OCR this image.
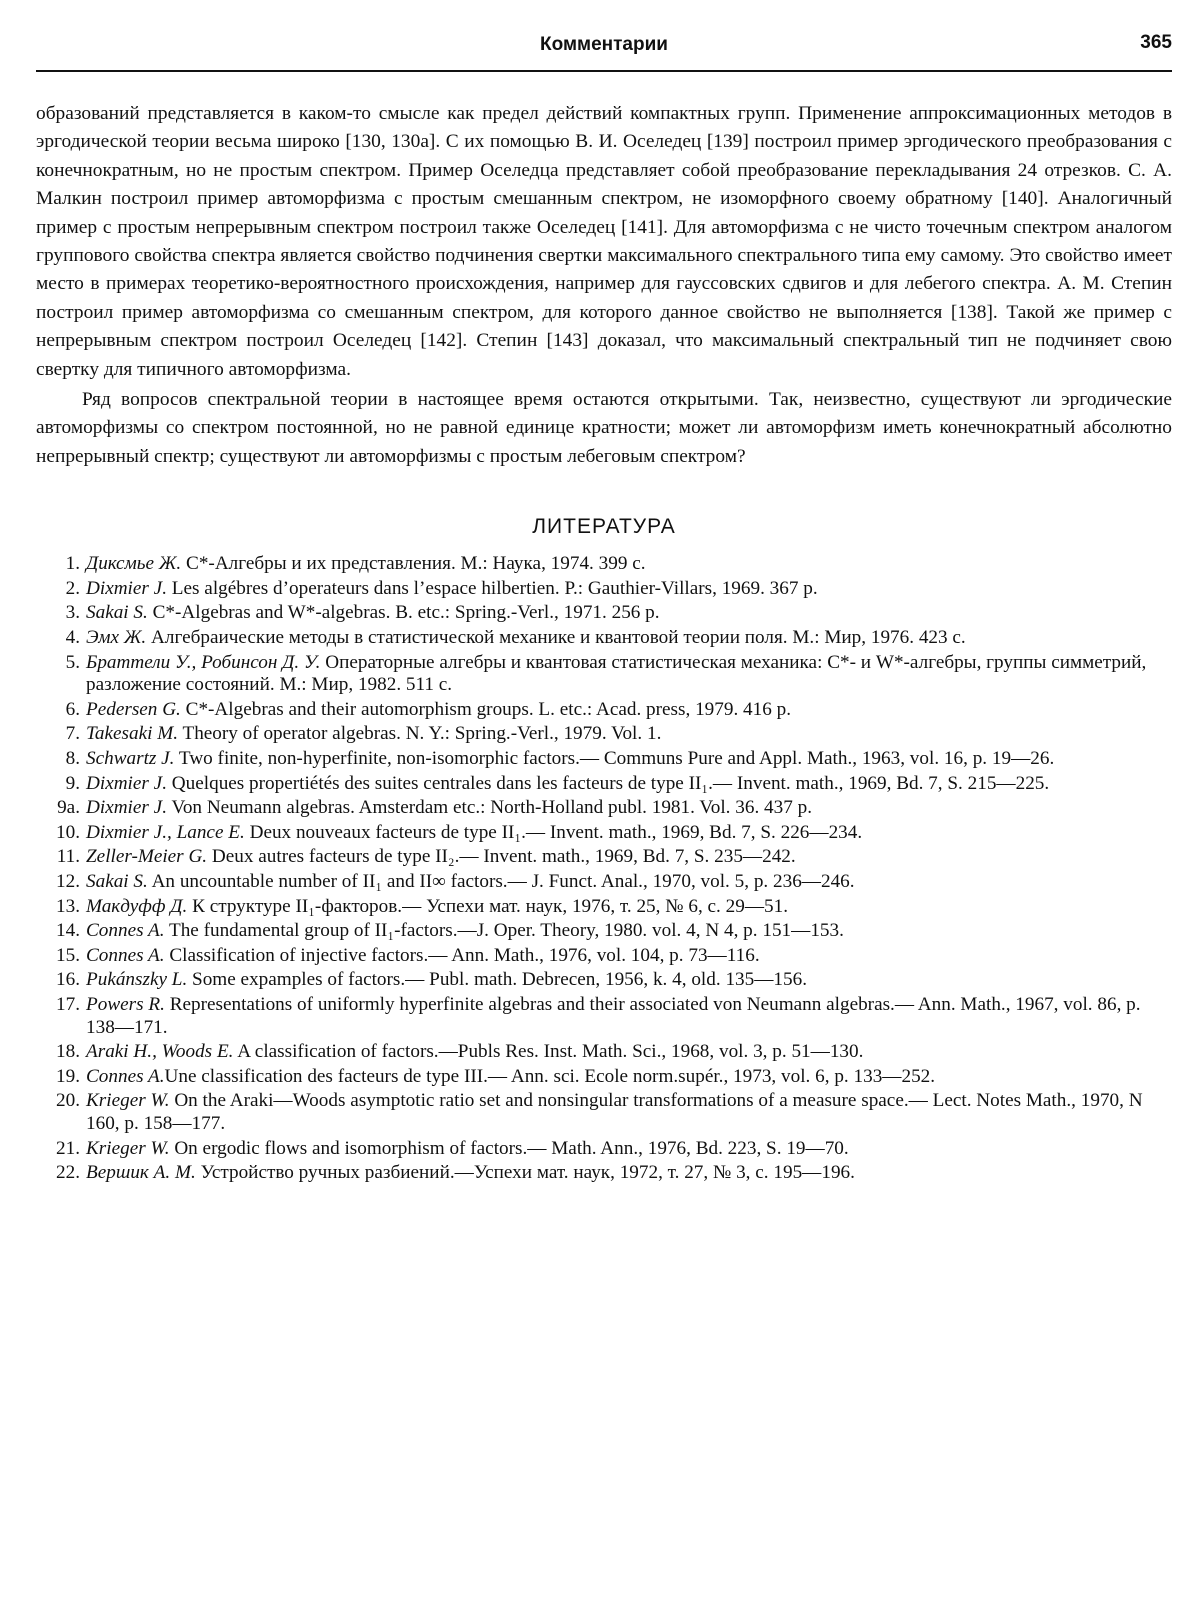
Комментарии	365

образований представляется в каком-то смысле как предел действий компактных групп. Применение аппроксимационных методов в эргодической теории весьма широко [130, 130а]. С их помощью В. И. Оселедец [139] построил пример эргодического преобразования с конечнократным, но не простым спектром. Пример Оселедца представляет собой преобразование перекладывания 24 отрезков. С. А. Малкин построил пример автоморфизма с простым смешанным спектром, не изоморфного своему обратному [140]. Аналогичный пример с простым непрерывным спектром построил также Оселедец [141]. Для автоморфизма с не чисто точечным спектром аналогом группового свойства спектра является свойство подчинения свертки максимального спектрального типа ему самому. Это свойство имеет место в примерах теоретико-вероятностного происхождения, например для гауссовских сдвигов и для лебегого спектра. А. М. Степин построил пример автоморфизма со смешанным спектром, для которого данное свойство не выполняется [138]. Такой же пример с непрерывным спектром построил Оселедец [142]. Степин [143] доказал, что максимальный спектральный тип не подчиняет свою свертку для типичного автоморфизма.

Ряд вопросов спектральной теории в настоящее время остаются открытыми. Так, неизвестно, существуют ли эргодические автоморфизмы со спектром постоянной, но не равной единице кратности; может ли автоморфизм иметь конечнократный абсолютно непрерывный спектр; существуют ли автоморфизмы с простым лебеговым спектром?

ЛИТЕРАТУРА
1. Диксмье Ж. C*-Алгебры и их представления. М.: Наука, 1974. 399 с.
2. Dixmier J. Les algébres d’operateurs dans l’espace hilbertien. P.: Gauthier-Villars, 1969. 367 p.
3. Sakai S. C*-Algebras and W*-algebras. B. etc.: Spring.-Verl., 1971. 256 p.
4. Эмх Ж. Алгебраические методы в статистической механике и квантовой теории поля. М.: Мир, 1976. 423 с.
5. Браттели У., Робинсон Д. У. Операторные алгебры и квантовая статистическая механика: C*- и W*-алгебры, группы симметрий, разложение состояний. М.: Мир, 1982. 511 с.
6. Pedersen G. C*-Algebras and their automorphism groups. L. etc.: Acad. press, 1979. 416 p.
7. Takesaki M. Theory of operator algebras. N. Y.: Spring.-Verl., 1979. Vol. 1.
8. Schwartz J. Two finite, non-hyperfinite, non-isomorphic factors.— Communs Pure and Appl. Math., 1963, vol. 16, p. 19—26.
9. Dixmier J. Quelques propertiétés des suites centrales dans les facteurs de type II₁.— Invent. math., 1969, Bd. 7, S. 215—225.
9a. Dixmier J. Von Neumann algebras. Amsterdam etc.: North-Holland publ. 1981. Vol. 36. 437 p.
10. Dixmier J., Lance E. Deux nouveaux facteurs de type II₁.— Invent. math., 1969, Bd. 7, S. 226—234.
11. Zeller-Meier G. Deux autres facteurs de type II₂.— Invent. math., 1969, Bd. 7, S. 235—242.
12. Sakai S. An uncountable number of II₁ and II∞ factors.— J. Funct. Anal., 1970, vol. 5, p. 236—246.
13. Макдуфф Д. К структуре II₁-факторов.— Успехи мат. наук, 1976, т. 25, № 6, с. 29—51.
14. Connes A. The fundamental group of II₁-factors.—J. Oper. Theory, 1980. vol. 4, N 4, p. 151—153.
15. Connes A. Classification of injective factors.— Ann. Math., 1976, vol. 104, p. 73—116.
16. Pukánszky L. Some expamples of factors.— Publ. math. Debrecen, 1956, k. 4, old. 135—156.
17. Powers R. Representations of uniformly hyperfinite algebras and their associated von Neumann algebras.— Ann. Math., 1967, vol. 86, p. 138—171.
18. Araki H., Woods E. A classification of factors.—Publs Res. Inst. Math. Sci., 1968, vol. 3, p. 51—130.
19. Connes A.Une classification des facteurs de type III.— Ann. sci. Ecole norm.supér., 1973, vol. 6, p. 133—252.
20. Krieger W. On the Araki—Woods asymptotic ratio set and nonsingular transformations of a measure space.— Lect. Notes Math., 1970, N 160, p. 158—177.
21. Krieger W. On ergodic flows and isomorphism of factors.— Math. Ann., 1976, Bd. 223, S. 19—70.
22. Вершик А. М. Устройство ручных разбиений.—Успехи мат. наук, 1972, т. 27, № 3, с. 195—196.
